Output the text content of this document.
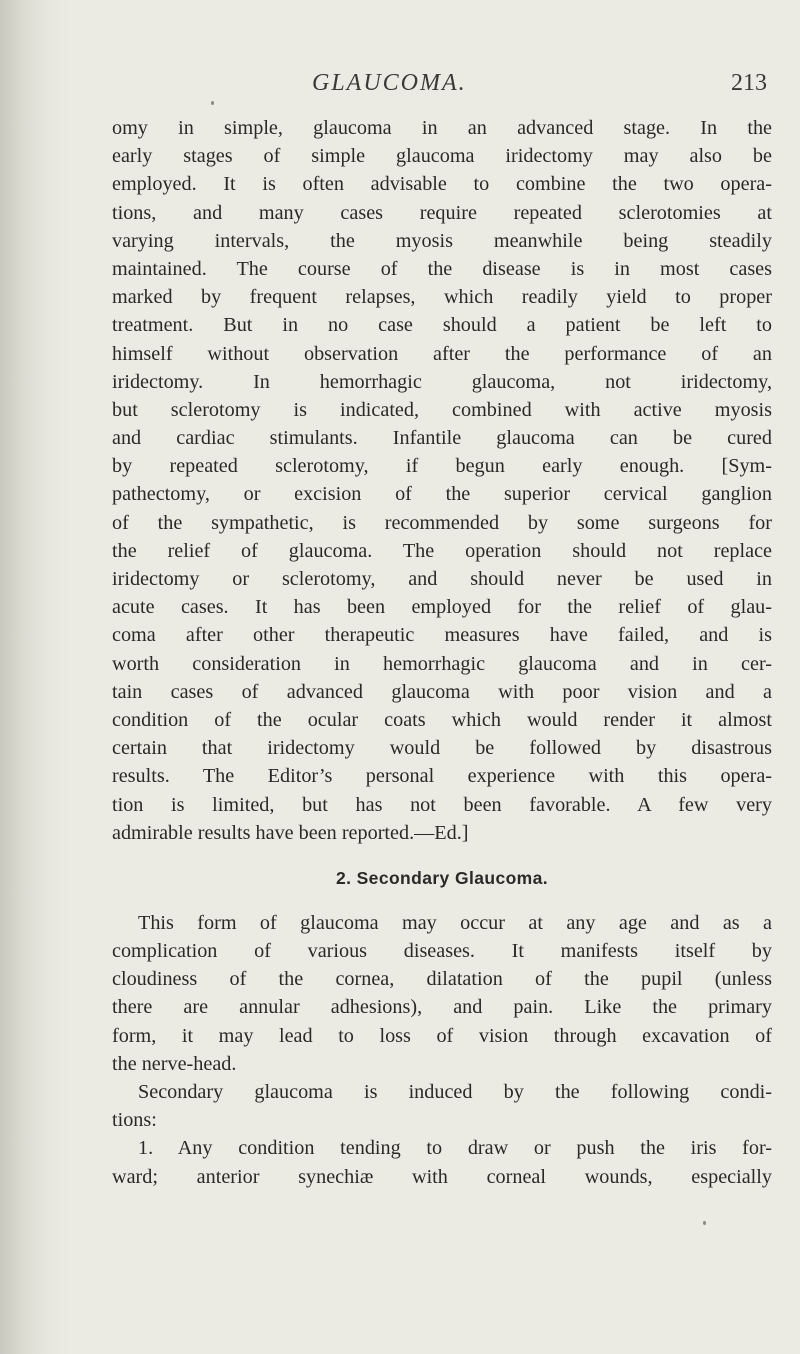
GLAUCOMA.	213
omy in simple, glaucoma in an advanced stage. In the
early stages of simple glaucoma iridectomy may also be
employed. It is often advisable to combine the two opera-
tions, and many cases require repeated sclerotomies at
varying intervals, the myosis meanwhile being steadily
maintained. The course of the disease is in most cases
marked by frequent relapses, which readily yield to proper
treatment. But in no case should a patient be left to
himself without observation after the performance of an
iridectomy. In hemorrhagic glaucoma, not iridectomy,
but sclerotomy is indicated, combined with active myosis
and cardiac stimulants. Infantile glaucoma can be cured
by repeated sclerotomy, if begun early enough. [Sym-
pathectomy, or excision of the superior cervical ganglion
of the sympathetic, is recommended by some surgeons for
the relief of glaucoma. The operation should not replace
iridectomy or sclerotomy, and should never be used in
acute cases. It has been employed for the relief of glau-
coma after other therapeutic measures have failed, and is
worth consideration in hemorrhagic glaucoma and in cer-
tain cases of advanced glaucoma with poor vision and a
condition of the ocular coats which would render it almost
certain that iridectomy would be followed by disastrous
results. The Editor’s personal experience with this opera-
tion is limited, but has not been favorable. A few very
admirable results have been reported.—Ed.]
2. Secondary Glaucoma.
This form of glaucoma may occur at any age and as a
complication of various diseases. It manifests itself by
cloudiness of the cornea, dilatation of the pupil (unless
there are annular adhesions), and pain. Like the primary
form, it may lead to loss of vision through excavation of
the nerve-head.
Secondary glaucoma is induced by the following condi-
tions:
1. Any condition tending to draw or push the iris for-
ward; anterior synechiæ with corneal wounds, especially
